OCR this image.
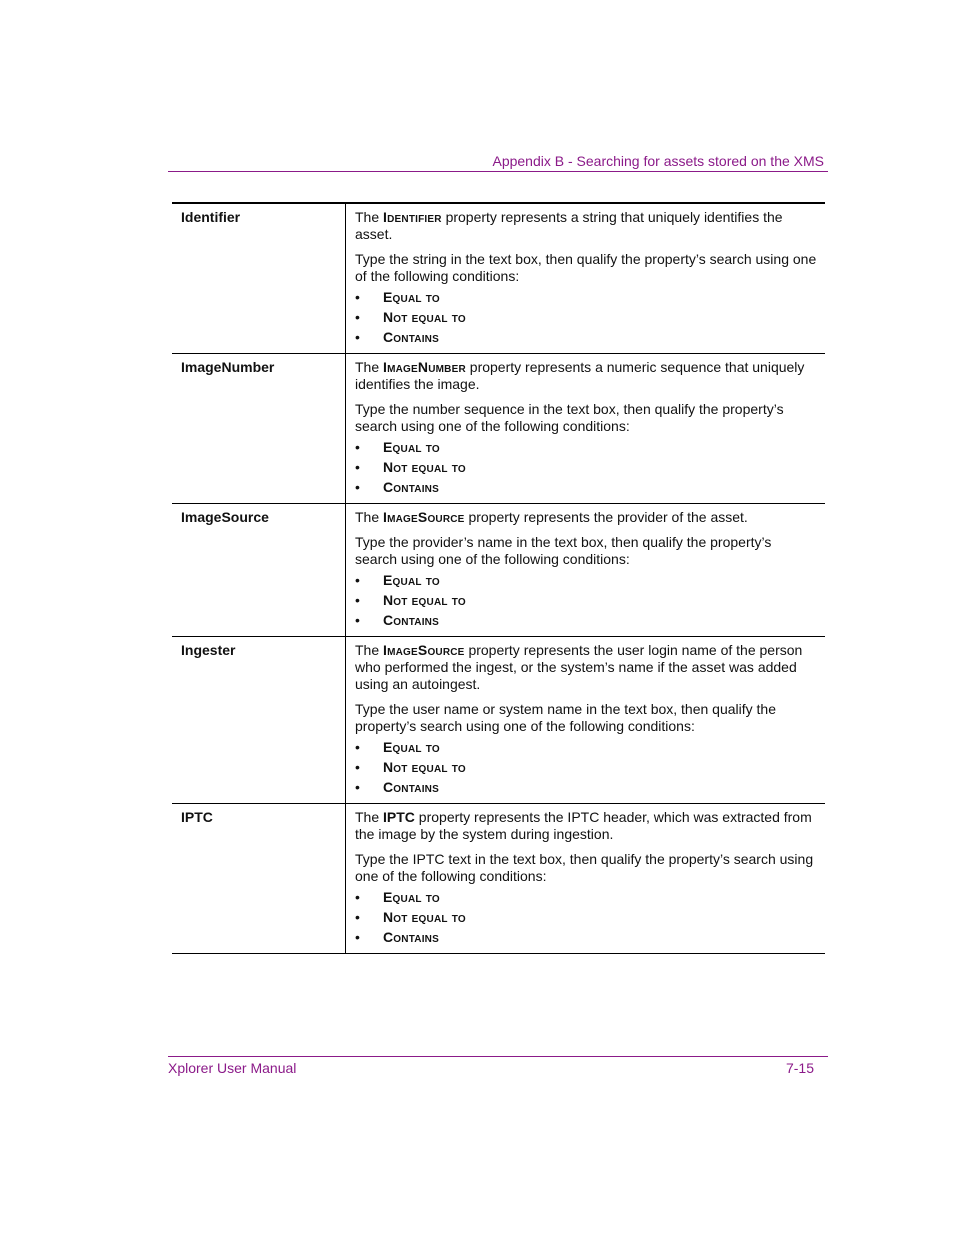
Appendix B - Searching for assets stored on the XMS
Identifier	The Identifier property represents a string that uniquely identifies the asset.

Type the string in the text box, then qualify the property’s search using one of the following conditions:

• Equal to
• Not equal to
• Contains
ImageNumber	The ImageNumber property represents a numeric sequence that uniquely identifies the image.

Type the number sequence in the text box, then qualify the property’s search using one of the following conditions:

• Equal to
• Not equal to
• Contains
ImageSource	The ImageSource property represents the provider of the asset.

Type the provider’s name in the text box, then qualify the property’s search using one of the following conditions:

• Equal to
• Not equal to
• Contains
Ingester	The ImageSource property represents the user login name of the person who performed the ingest, or the system’s name if the asset was added using an autoingest.

Type the user name or system name in the text box, then qualify the property’s search using one of the following conditions:

• Equal to
• Not equal to
• Contains
IPTC	The IPTC property represents the IPTC header, which was extracted from the image by the system during ingestion.

Type the IPTC text in the text box, then qualify the property’s search using one of the following conditions:

• Equal to
• Not equal to
• Contains
Xplorer User Manual	7-15
